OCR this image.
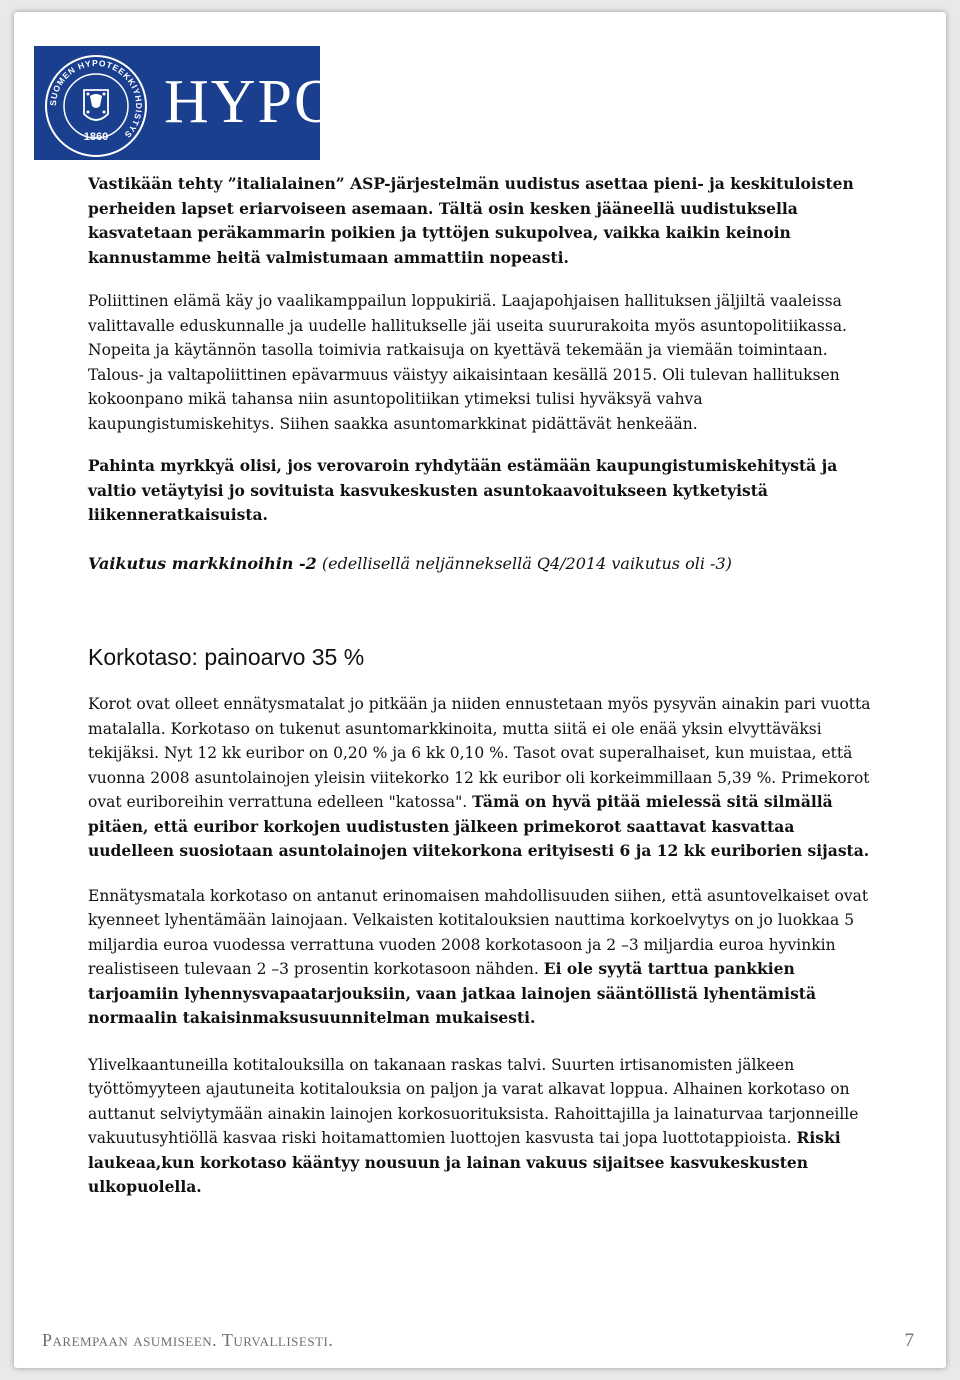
SUOMEN HYPOTEEKKIYHDISTYS
1860
HYPO

Vastikään tehty ”italialainen” ASP-järjestelmän uudistus asettaa pieni- ja keskituloisten perheiden lapset eriarvoiseen asemaan. Tältä osin kesken jääneellä uudistuksella kasvatetaan peräkammarin poikien ja tyttöjen sukupolvea, vaikka kaikin keinoin kannustamme heitä valmistumaan ammattiin nopeasti.

Poliittinen elämä käy jo vaalikamppailun loppukiriä. Laajapohjaisen hallituksen jäljiltä vaaleissa valittavalle eduskunnalle ja uudelle hallitukselle jäi useita suururakoita myös asuntopolitiikassa. Nopeita ja käytännön tasolla toimivia ratkaisuja on kyettävä tekemään ja viemään toimintaan. Talous- ja valtapoliittinen epävarmuus väistyy aikaisintaan kesällä 2015. Oli tulevan hallituksen kokoonpano mikä tahansa niin asuntopolitiikan ytimeksi tulisi hyväksyä vahva kaupungistumiskehitys. Siihen saakka asuntomarkkinat pidättävät henkeään.

Pahinta myrkkyä olisi, jos verovaroin ryhdytään estämään kaupungistumiskehitystä ja valtio vetäytyisi jo sovituista kasvukeskusten asuntokaavoitukseen kytketyistä liikenneratkaisuista.

Vaikutus markkinoihin -2 (edellisellä neljänneksellä Q4/2014 vaikutus oli -3)

Korkotaso: painoarvo 35 %

Korot ovat olleet ennätysmatalat jo pitkään ja niiden ennustetaan myös pysyvän ainakin pari vuotta matalalla. Korkotaso on tukenut asuntomarkkinoita, mutta siitä ei ole enää yksin elvyttäväksi tekijäksi. Nyt 12 kk euribor on 0,20 % ja 6 kk 0,10 %. Tasot ovat superalhaiset, kun muistaa, että vuonna 2008 asuntolainojen yleisin viitekorko 12 kk euribor oli korkeimmillaan 5,39 %. Primekorot ovat euriboreihin verrattuna edelleen "katossa". Tämä on hyvä pitää mielessä sitä silmällä pitäen, että euribor korkojen uudistusten jälkeen primekorot saattavat kasvattaa uudelleen suosiotaan asuntolainojen viitekorkona erityisesti 6 ja 12 kk euriborien sijasta.

Ennätysmatala korkotaso on antanut erinomaisen mahdollisuuden siihen, että asuntovelkaiset ovat kyenneet lyhentämään lainojaan. Velkaisten kotitalouksien nauttima korkoelvytys on jo luokkaa 5 miljardia euroa vuodessa verrattuna vuoden 2008 korkotasoon ja 2 –3 miljardia euroa hyvinkin realistiseen tulevaan 2 –3 prosentin korkotasoon nähden. Ei ole syytä tarttua pankkien tarjoamiin lyhennysvapaatarjouksiin, vaan jatkaa lainojen sääntöllistä lyhentämistä normaalin takaisinmaksusuunnitelman mukaisesti.

Ylivelkaantuneilla kotitalouksilla on takanaan raskas talvi. Suurten irtisanomisten jälkeen työttömyyteen ajautuneita kotitalouksia on paljon ja varat alkavat loppua. Alhainen korkotaso on auttanut selviytymään ainakin lainojen korkosuorituksista. Rahoittajilla ja lainaturvaa tarjonneille vakuutusyhtiöllä kasvaa riski hoitamattomien luottojen kasvusta tai jopa luottotappioista. Riski laukeaa,kun korkotaso kääntyy nousuun ja lainan vakuus sijaitsee kasvukeskusten ulkopuolella.

Parempaan asumiseen. Turvallisesti.	7
